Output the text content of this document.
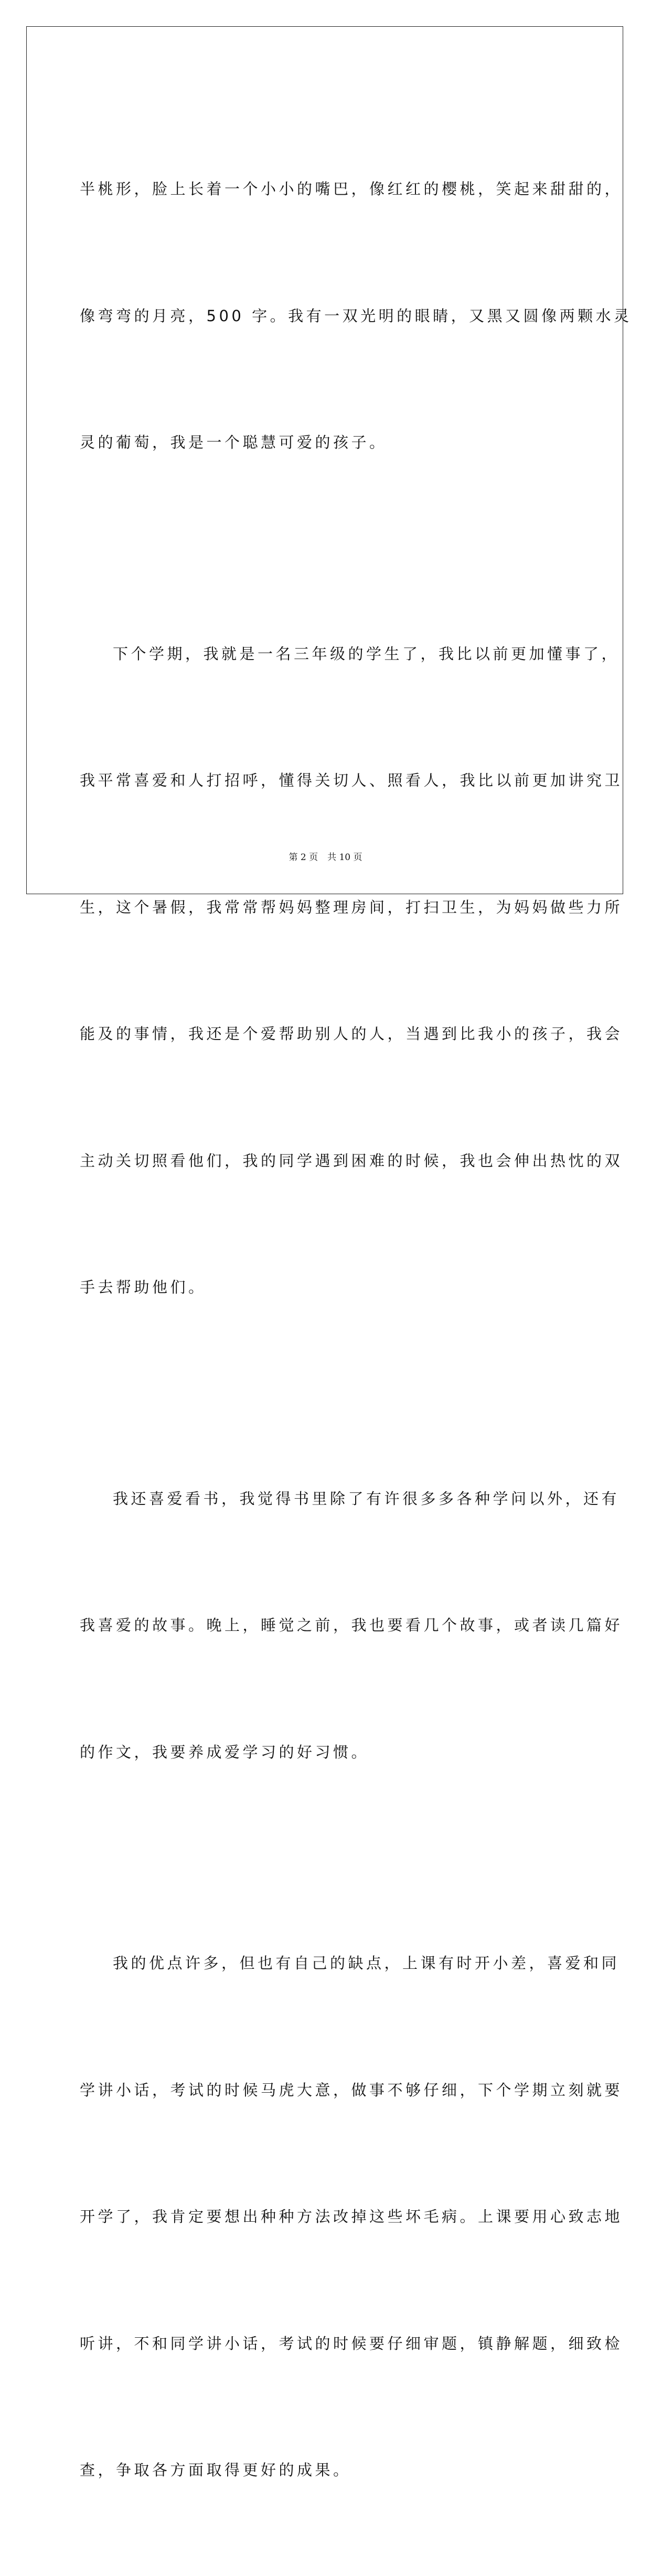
半桃形，脸上长着一个小小的嘴巴，像红红的樱桃，笑起来甜甜的，

像弯弯的月亮，500 字。我有一双光明的眼睛，又黑又圆像两颗水灵

灵的葡萄，我是一个聪慧可爱的孩子。

下个学期，我就是一名三年级的学生了，我比以前更加懂事了，

我平常喜爱和人打招呼，懂得关切人、照看人，我比以前更加讲究卫

生，这个暑假，我常常帮妈妈整理房间，打扫卫生，为妈妈做些力所

能及的事情，我还是个爱帮助别人的人，当遇到比我小的孩子，我会

主动关切照看他们，我的同学遇到困难的时候，我也会伸出热忱的双

手去帮助他们。

我还喜爱看书，我觉得书里除了有许很多多各种学问以外，还有

我喜爱的故事。晚上，睡觉之前，我也要看几个故事，或者读几篇好

的作文，我要养成爱学习的好习惯。

我的优点许多，但也有自己的缺点，上课有时开小差，喜爱和同

学讲小话，考试的时候马虎大意，做事不够仔细，下个学期立刻就要

开学了，我肯定要想出种种方法改掉这些坏毛病。上课要用心致志地

听讲，不和同学讲小话，考试的时候要仔细审题，镇静解题，细致检

查，争取各方面取得更好的成果。

第 2 页 共 10 页
